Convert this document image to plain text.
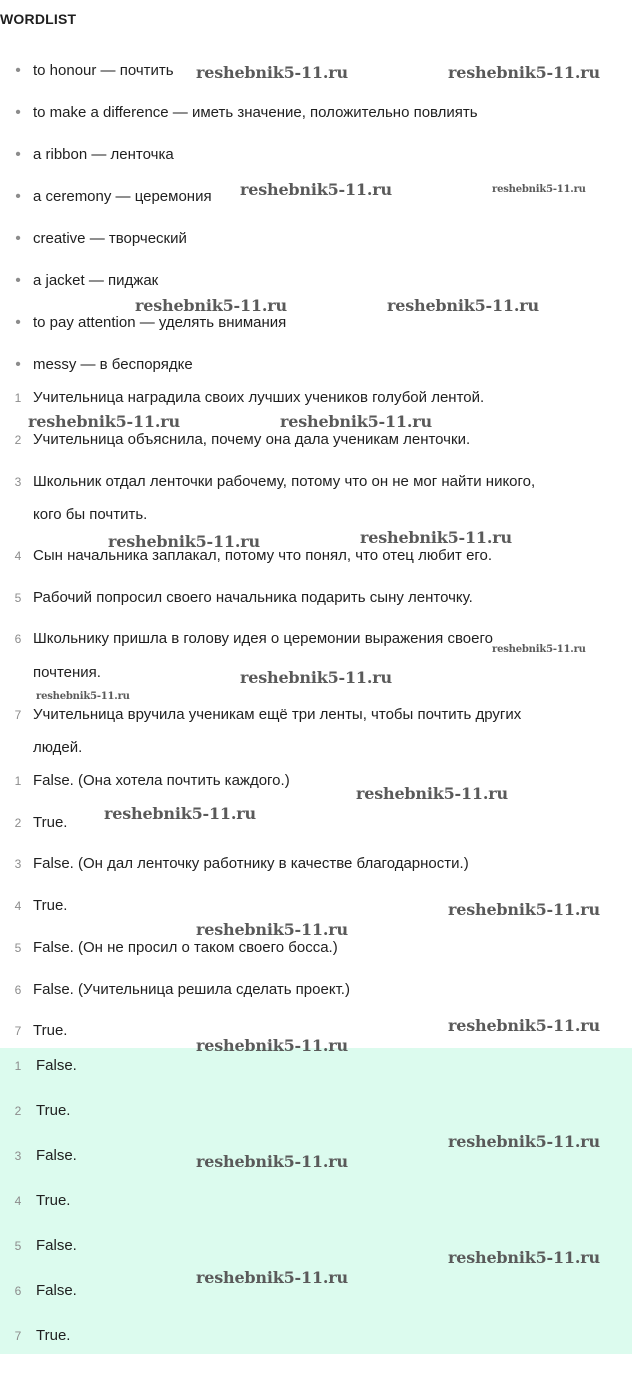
WORDLIST
• to honour — почтить
• to make a difference — иметь значение, положительно повлиять
• a ribbon — ленточка
• a ceremony — церемония
• creative — творческий
• a jacket — пиджак
• to pay attention — уделять внимания
• messy — в беспорядке
1 Учительница наградила своих лучших учеников голубой лентой.
2 Учительница объяснила, почему она дала ученикам ленточки.
3 Школьник отдал ленточки рабочему, потому что он не мог найти никого,
кого бы почтить.
4 Сын начальника заплакал, потому что понял, что отец любит его.
5 Рабочий попросил своего начальника подарить сыну ленточку.
6 Школьнику пришла в голову идея о церемонии выражения своего
почтения.
7 Учительница вручила ученикам ещё три ленты, чтобы почтить других
людей.
1 False. (Она хотела почтить каждого.)
2 True.
3 False. (Он дал ленточку работнику в качестве благодарности.)
4 True.
5 False. (Он не просил о таком своего босса.)
6 False. (Учительница решила сделать проект.)
7 True.
1 False.
2 True.
3 False.
4 True.
5 False.
6 False.
7 True.
reshebnik5-11.ru	reshebnik5-11.ru
reshebnik5-11.ru	reshebnik5-11.ru
reshebnik5-11.ru	reshebnik5-11.ru
reshebnik5-11.ru	reshebnik5-11.ru
reshebnik5-11.ru	reshebnik5-11.ru
reshebnik5-11.ru
reshebnik5-11.ru
reshebnik5-11.ru
reshebnik5-11.ru
reshebnik5-11.ru
reshebnik5-11.ru
reshebnik5-11.ru
reshebnik5-11.ru
reshebnik5-11.ru
reshebnik5-11.ru
reshebnik5-11.ru
reshebnik5-11.ru
reshebnik5-11.ru
